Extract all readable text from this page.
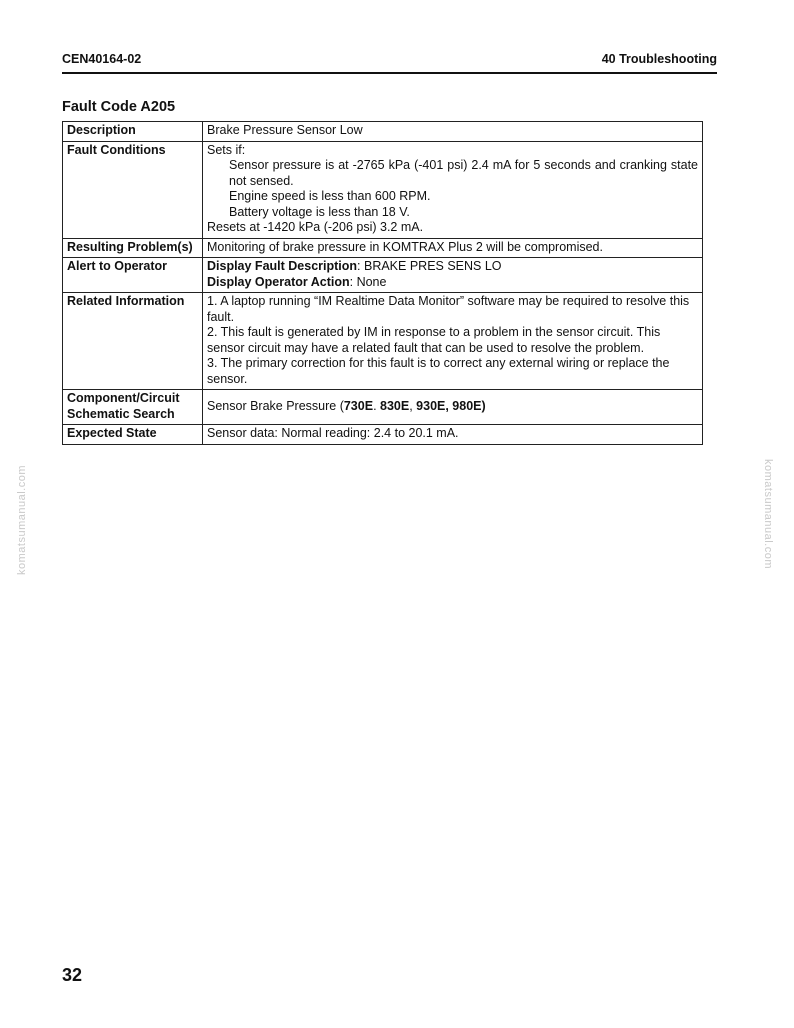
CEN40164-02	40 Troubleshooting
Fault Code A205
Description	Brake Pressure Sensor Low
Fault Conditions	Sets if:
Sensor pressure is at -2765 kPa (-401 psi) 2.4 mA for 5 seconds and cranking state not sensed.
Engine speed is less than 600 RPM.
Battery voltage is less than 18 V.
Resets at -1420 kPa (-206 psi) 3.2 mA.

Resulting Problem(s)	Monitoring of brake pressure in KOMTRAX Plus 2 will be compromised.
Alert to Operator	Display Fault Description: BRAKE PRES SENS LO
Display Operator Action: None

Related Information	1. A laptop running “IM Realtime Data Monitor” software may be required to resolve this fault.
2. This fault is generated by IM in response to a problem in the sensor circuit. This sensor circuit may have a related fault that can be used to resolve the problem.
3. The primary correction for this fault is to correct any external wiring or replace the sensor.

Component/Circuit
Schematic Search	Sensor Brake Pressure (730E. 830E, 930E, 980E)
Expected State	Sensor data: Normal reading: 2.4 to 20.1 mA.
32
komatsumanual.com	komatsumanual.com
